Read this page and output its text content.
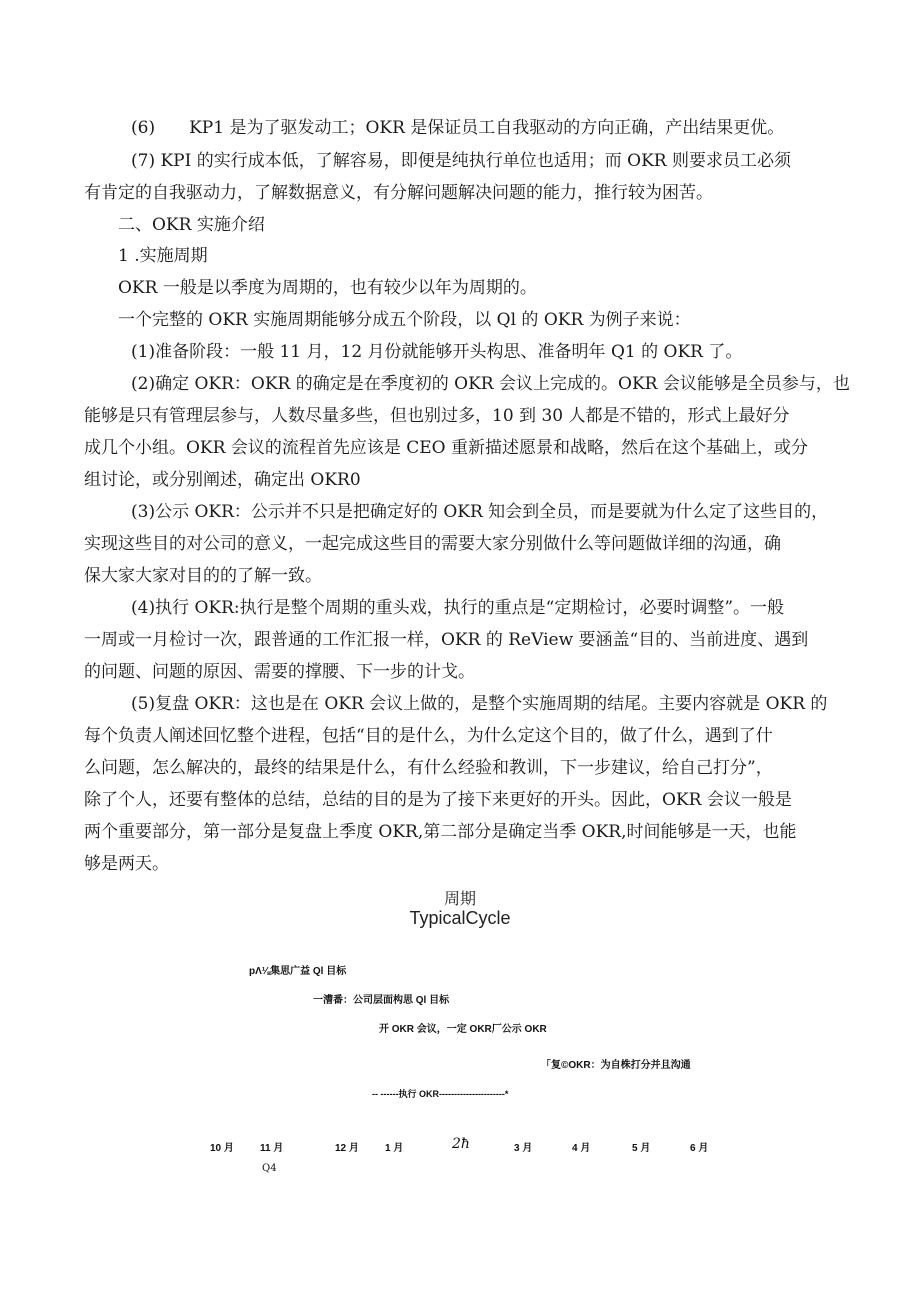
(6)　　KP1 是为了驱发动工；OKR 是保证员工自我驱动的方向正确，产出结果更优。
(7) KPI 的实行成本低，了解容易，即便是纯执行单位也适用；而 OKR 则要求员工必须
有肯定的自我驱动力，了解数据意义，有分解问题解决问题的能力，推行较为困苦。
二、OKR 实施介绍
1 .实施周期
OKR 一般是以季度为周期的，也有较少以年为周期的。
一个完整的 OKR 实施周期能够分成五个阶段，以 Ql 的 OKR 为例子来说：
(1)准备阶段：一般 11 月，12 月份就能够开头构思、准备明年 Q1 的 OKR 了。
(2)确定 OKR：OKR 的确定是在季度初的 OKR 会议上完成的。OKR 会议能够是全员参与，也
能够是只有管理层参与，人数尽量多些，但也别过多，10 到 30 人都是不错的，形式上最好分
成几个小组。OKR 会议的流程首先应该是 CEO 重新描述愿景和战略，然后在这个基础上，或分
组讨论，或分别阐述，确定出 OKR0
(3)公示 OKR：公示并不只是把确定好的 OKR 知会到全员，而是要就为什么定了这些目的，
实现这些目的对公司的意义，一起完成这些目的需要大家分别做什么等问题做详细的沟通，确
保大家大家对目的的了解一致。
(4)执行 OKR:执行是整个周期的重头戏，执行的重点是“定期检讨，必要时调整”。一般
一周或一月检讨一次，跟普通的工作汇报一样，OKR 的 ReView 要涵盖“目的、当前进度、遇到
的问题、问题的原因、需要的撑腰、下一步的计戈。
(5)复盘 OKR：这也是在 OKR 会议上做的，是整个实施周期的结尾。主要内容就是 OKR 的
每个负责人阐述回忆整个进程，包括“目的是什么，为什么定这个目的，做了什么，遇到了什
么问题，怎么解决的，最终的结果是什么，有什么经验和教训，下一步建议，给自己打分”，
除了个人，还要有整体的总结，总结的目的是为了接下来更好的开头。因此，OKR 会议一般是
两个重要部分，第一部分是复盘上季度 OKR,第二部分是确定当季 OKR,时间能够是一天，也能
够是两天。
周期
TypicalCycle
pΛ⅛集思广益 Ql 目标
一漕番：公司层面构思 Ql 目标
开 OKR 会议，一定 OKR厂公示 OKR
「复©OKR：为自株打分并且沟通
-- ------执行 OKR----------------------*
10 月	11 月	12 月	1 月	2ħ	3 月	4 月	5 月	6 月
Q4
